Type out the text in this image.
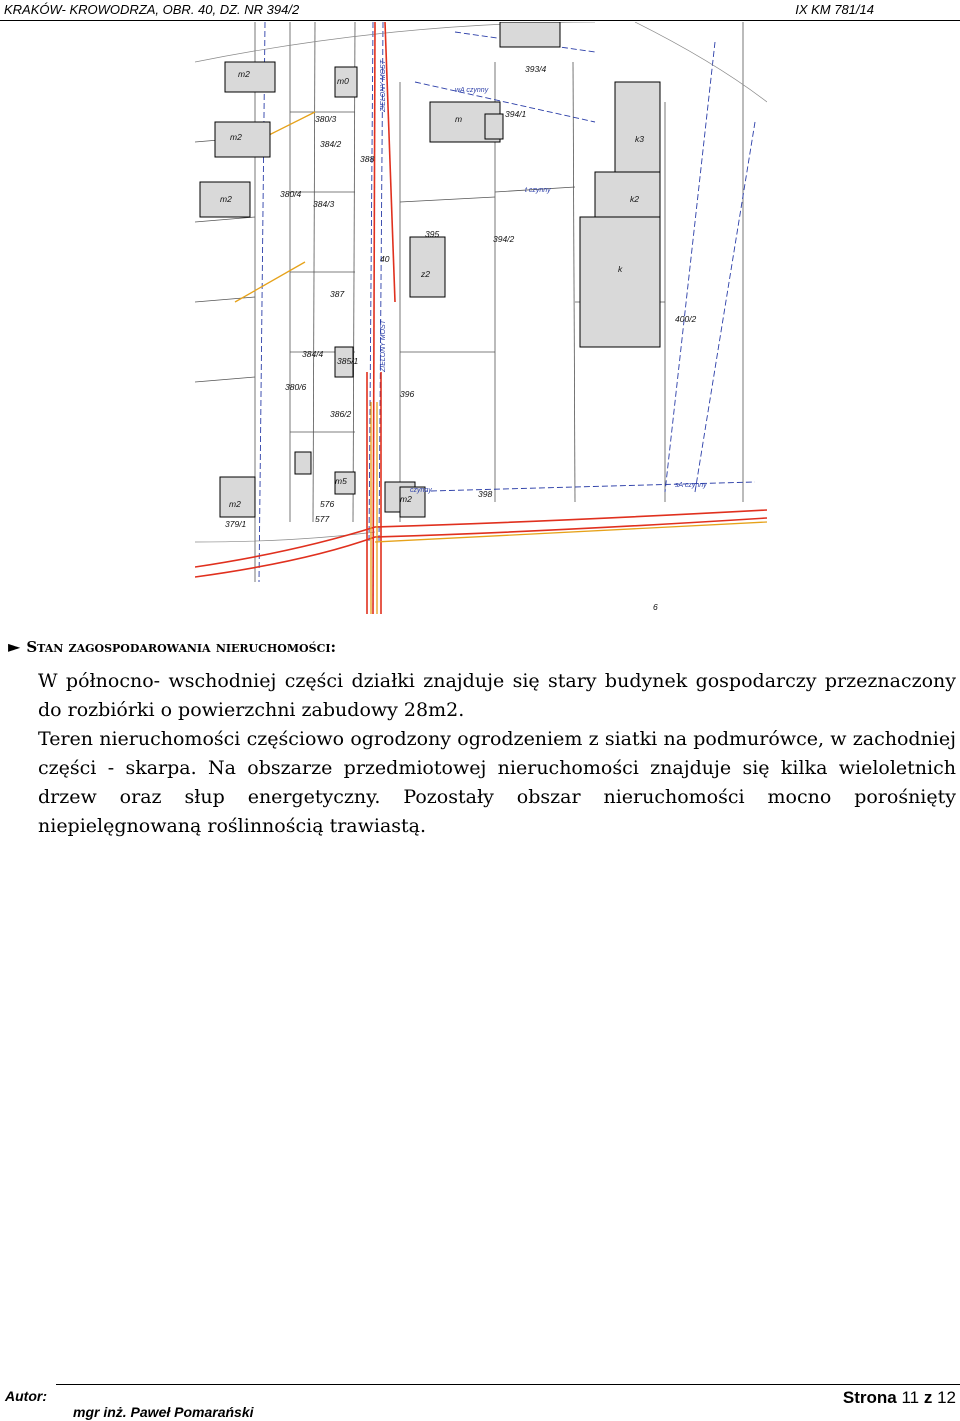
KRAKÓW- KROWODRZA, OBR. 40, DZ. NR 394/2	IX KM 781/14
380/3
384/2
388
380/4
384/3
387
384/4
385/1
380/6
386/2
396
395
40
394/2
394/1
393/4
398
576
577
379/1
400/2
m2
m2
m2
m0
m
k3
k2
k
m5
m2	m2
z2
6
ZIELONY MOST
ZIELONY MOST
sA czynny
wA czynny
t czynny
czynny
► Stan zagospodarowania nieruchomości:

W północno- wschodniej części działki znajduje się stary budynek gospodarczy przeznaczony do rozbiórki o powierzchni zabudowy 28m2.

Teren nieruchomości częściowo ogrodzony ogrodzeniem z siatki na podmurówce, w zachodniej części - skarpa. Na obszarze przedmiotowej nieruchomości znajduje się kilka wieloletnich drzew oraz słup energetyczny. Pozostały obszar nieruchomości mocno porośnięty niepielęgnowaną roślinnością trawiastą.

Autor:
mgr inż. Paweł Pomarański
Strona 11 z 12
